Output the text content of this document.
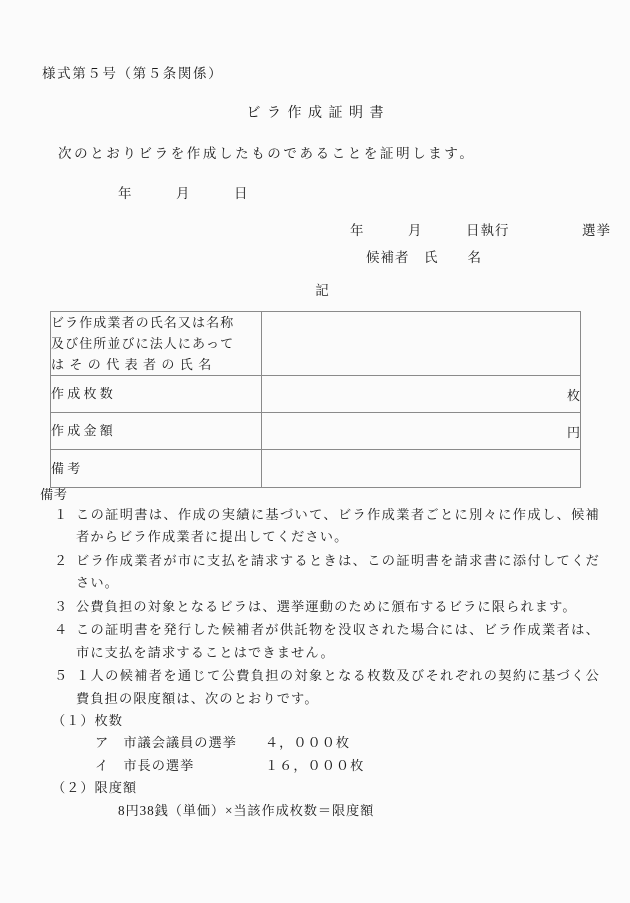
様式第５号（第５条関係）
ビラ作成証明書
次のとおりビラを作成したものであることを証明します。
年　　　月　　　日
年　　　月　　　日執行　　　　　選挙
候補者　氏　　名
記
ビラ作成業者の氏名又は名称
及び住所並びに法人にあって
はその代表者の氏名	

作 成 枚 数	枚
作 成 金 額	円
備 考	
備考
１ この証明書は、作成の実績に基づいて、ビラ作成業者ごとに別々に作成し、候補者からビラ作成業者に提出してください。
２ ビラ作成業者が市に支払を請求するときは、この証明書を請求書に添付してください。
３ 公費負担の対象となるビラは、選挙運動のために頒布するビラに限られます。
４ この証明書を発行した候補者が供託物を没収された場合には、ビラ作成業者は、市に支払を請求することはできません。
５ １人の候補者を通じて公費負担の対象となる枚数及びそれぞれの契約に基づく公費負担の限度額は、次のとおりです。
（１）枚数
ア　 市議会議員の選挙 ４，０００枚
イ　 市長の選挙	１６，０００枚
（２）限度額
8円38銭（単価）×当該作成枚数＝限度額
